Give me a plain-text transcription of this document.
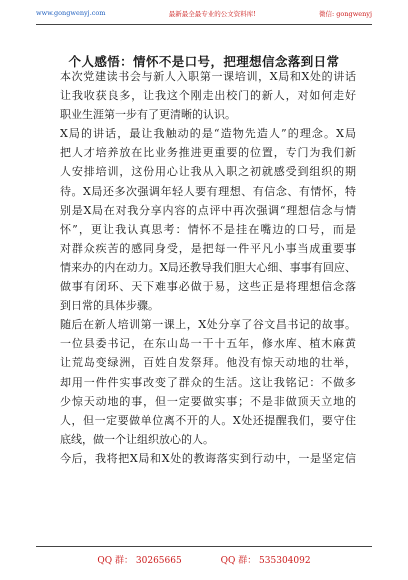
www.gongwenyj.com	最新最全最专业的公文资料库!	微信: gongwenyj
个人感悟：情怀不是口号，把理想信念落到日常
本次党建读书会与新人入职第一课培训，X局和X处的讲话
让我收获良多，让我这个刚走出校门的新人，对如何走好
职业生涯第一步有了更清晰的认识。
X局的讲话，最让我触动的是“造物先造人”的理念。X局
把人才培养放在比业务推进更重要的位置，专门为我们新
人安排培训，这份用心让我从入职之初就感受到组织的期
待。X局还多次强调年轻人要有理想、有信念、有情怀，特
别是X局在对我分享内容的点评中再次强调“理想信念与情
怀”，更让我认真思考：情怀不是挂在嘴边的口号，而是
对群众疾苦的感同身受，是把每一件平凡小事当成重要事
情来办的内在动力。X局还教导我们胆大心细、事事有回应、
做事有闭环、天下难事必做于易，这些正是将理想信念落
到日常的具体步骤。
随后在新人培训第一课上，X处分享了谷文昌书记的故事。
一位县委书记，在东山岛一干十五年，修水库、植木麻黄
让荒岛变绿洲，百姓自发祭拜。他没有惊天动地的壮举，
却用一件件实事改变了群众的生活。这让我铭记：不做多
少惊天动地的事，但一定要做实事；不是非做顶天立地的
人，但一定要做单位离不开的人。X处还提醒我们，要守住
底线，做一个让组织放心的人。
今后，我将把X局和X处的教诲落实到行动中，一是坚定信
QQ 群： 30265665	QQ 群： 535304092
